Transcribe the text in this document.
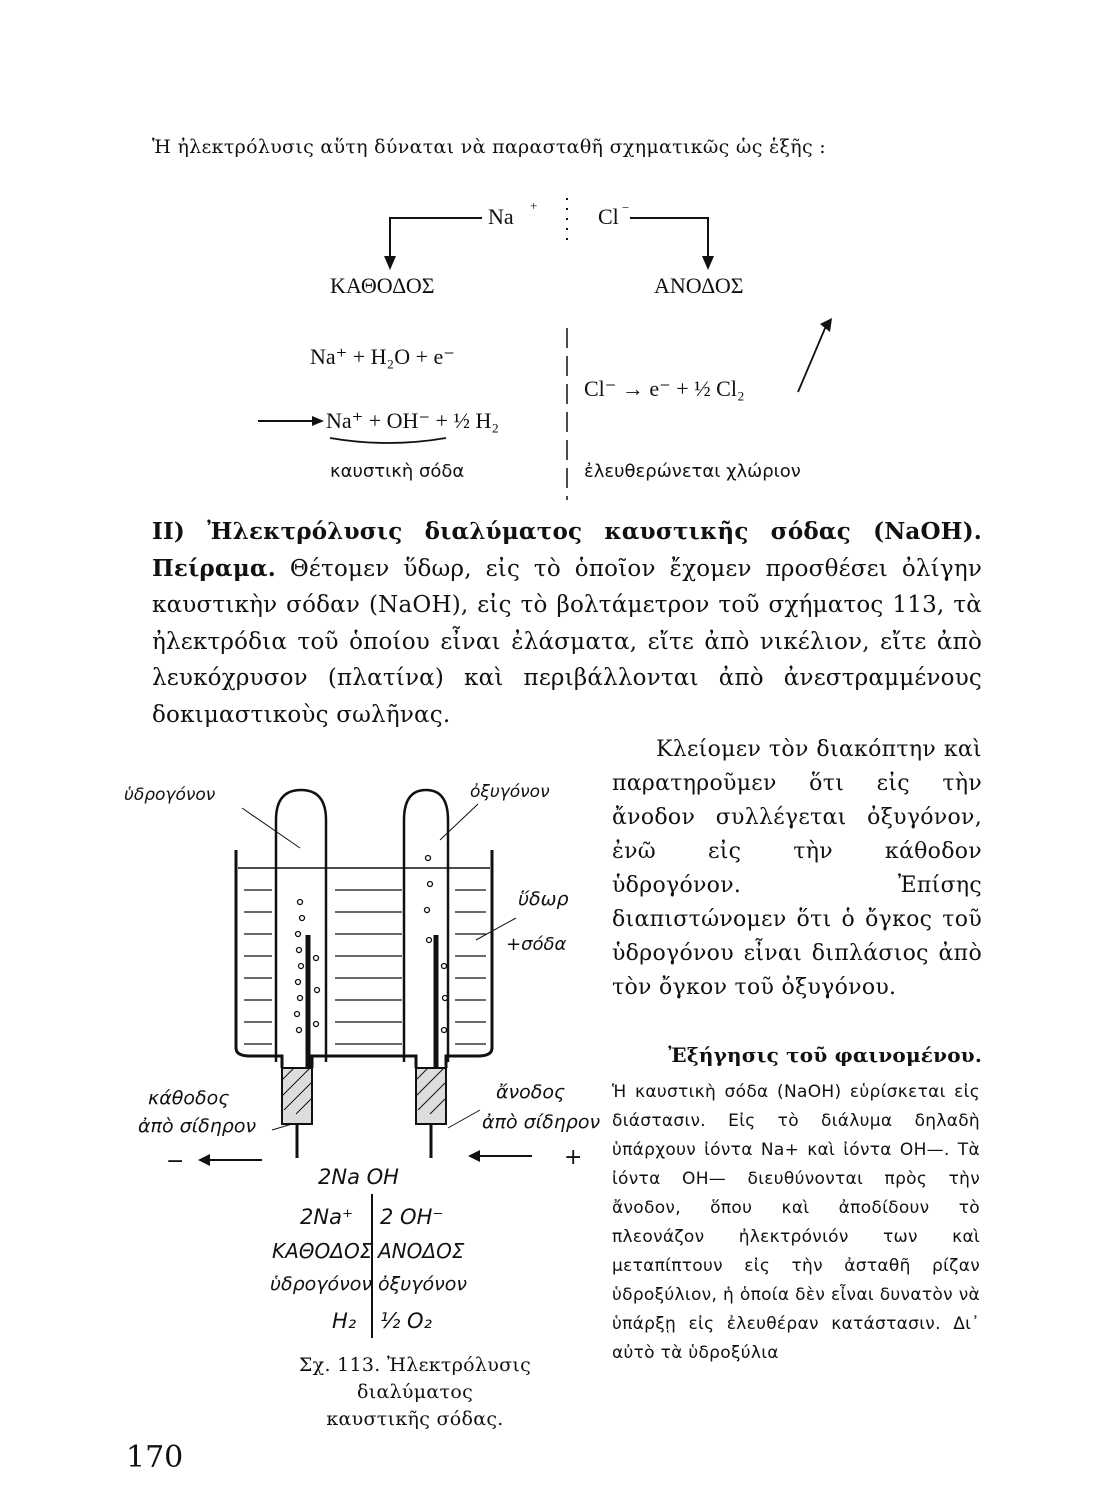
Ἡ ἠλεκτρόλυσις αὕτη δύναται νὰ παρασταθῆ σχηματικῶς ὡς ἑξῆς :
Na +	Cl −
ΚΑΘΟΔΟΣ	ΑΝΟΔΟΣ
Na⁺ + H₂O + e⁻
Na⁺ + OH⁻ + ½ H₂
καυστικὴ σόδα
Cl⁻ → e⁻ + ½ Cl₂
ἐλευθερώνεται χλώριον
ΙΙ) Ἠλεκτρόλυσις διαλύματος καυστικῆς σόδας (NaOH). Πείραμα. Θέτομεν ὕδωρ, εἰς τὸ ὁποῖον ἔχομεν προσθέσει ὀλίγην καυστικὴν σόδαν (NaOH), εἰς τὸ βολτάμετρον τοῦ σχήματος 113, τὰ ἠλεκτρόδια τοῦ ὁποίου εἶναι ἐλάσματα, εἴτε ἀπὸ νικέλιον, εἴτε ἀπὸ λευκόχρυσον (πλατίνα) καὶ περιβάλλονται ἀπὸ ἀνεστραμμένους δοκιμαστικοὺς σωλῆνας.
Κλείομεν τὸν διακόπτην καὶ παρατηροῦμεν ὅτι εἰς τὴν ἄνοδον συλλέγεται ὀξυγόνον, ἐνῶ εἰς τὴν κάθοδον ὑδρογόνον. Ἐπίσης διαπιστώνομεν ὅτι ὁ ὄγκος τοῦ ὑδρογόνου εἶναι διπλάσιος ἀπὸ τὸν ὄγκον τοῦ ὀξυγόνου.
Ἐξήγησις τοῦ φαινομένου.
Ἡ καυστικὴ σόδα (NaOH) εὑρίσκεται εἰς διάστασιν. Εἰς τὸ διάλυμα δηλαδὴ ὑπάρχουν ἰόντα Na+ καὶ ἰόντα OH—. Τὰ ἰόντα OH— διευθύνονται πρὸς τὴν ἄνοδον, ὅπου καὶ ἀποδίδουν τὸ πλεονάζον ἠλεκτρόνιόν των καὶ μεταπίπτουν εἰς τὴν ἀσταθῆ ρίζαν ὑδροξύλιον, ἡ ὁποία δὲν εἶναι δυνατὸν νὰ ὑπάρξῃ εἰς ἐλευθέραν κατάστασιν. Δι᾽ αὐτὸ τὰ ὑδροξύλια
−	+
ὑδρογόνον	ὀξυγόνον
ὕδωρ
+σόδα
κάθοδος
ἀπὸ σίδηρον
ἄνοδος
ἀπὸ σίδηρον
2Na OH
2Na⁺ 2 OH⁻
ΚΑΘΟΔΟΣ ΑΝΟΔΟΣ
ὑδρογόνον ὀξυγόνον
H₂ ½ O₂
Σχ. 113. Ἠλεκτρόλυσις διαλύματος
καυστικῆς σόδας.
170
